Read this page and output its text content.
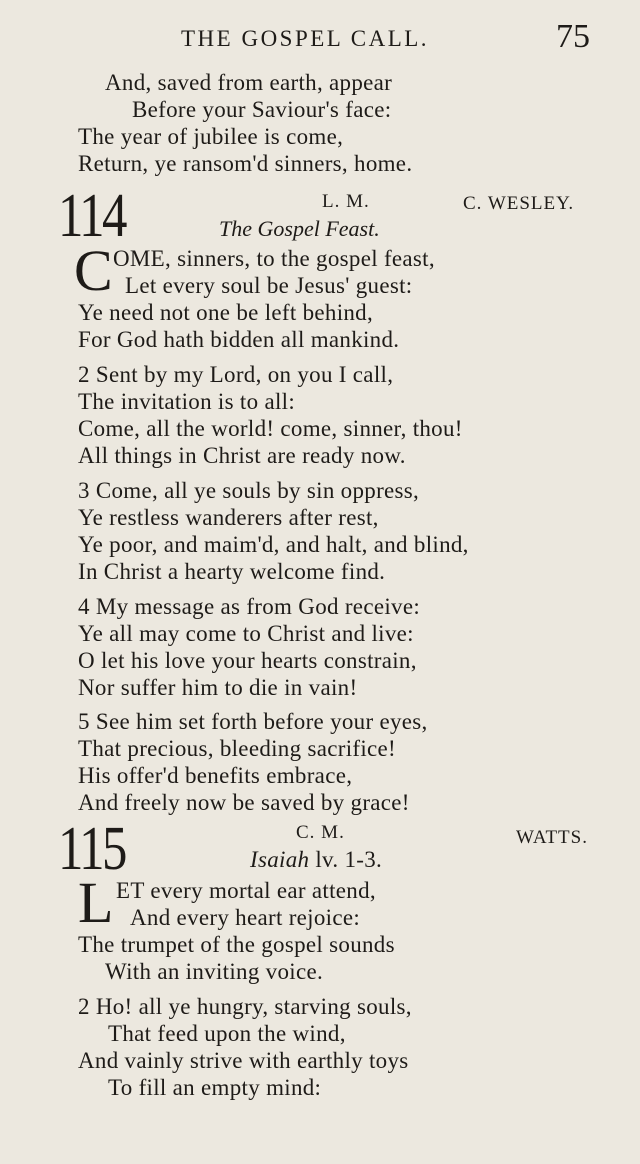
THE GOSPEL CALL.	75
And, saved from earth, appear
Before your Saviour's face:
The year of jubilee is come,
Return, ye ransom'd sinners, home.
114	L. M.	C. WESLEY.
The Gospel Feast.
C OME, sinners, to the gospel feast,
Let every soul be Jesus' guest:
Ye need not one be left behind,
For God hath bidden all mankind.
2 Sent by my Lord, on you I call,
The invitation is to all:
Come, all the world! come, sinner, thou!
All things in Christ are ready now.
3 Come, all ye souls by sin oppress,
Ye restless wanderers after rest,
Ye poor, and maim'd, and halt, and blind,
In Christ a hearty welcome find.
4 My message as from God receive:
Ye all may come to Christ and live:
O let his love your hearts constrain,
Nor suffer him to die in vain!
5 See him set forth before your eyes,
That precious, bleeding sacrifice!
His offer'd benefits embrace,
And freely now be saved by grace!
115	C. M.	WATTS.
Isaiah lv. 1-3.
L ET every mortal ear attend,
And every heart rejoice:
The trumpet of the gospel sounds
With an inviting voice.
2 Ho! all ye hungry, starving souls,
That feed upon the wind,
And vainly strive with earthly toys
To fill an empty mind:
